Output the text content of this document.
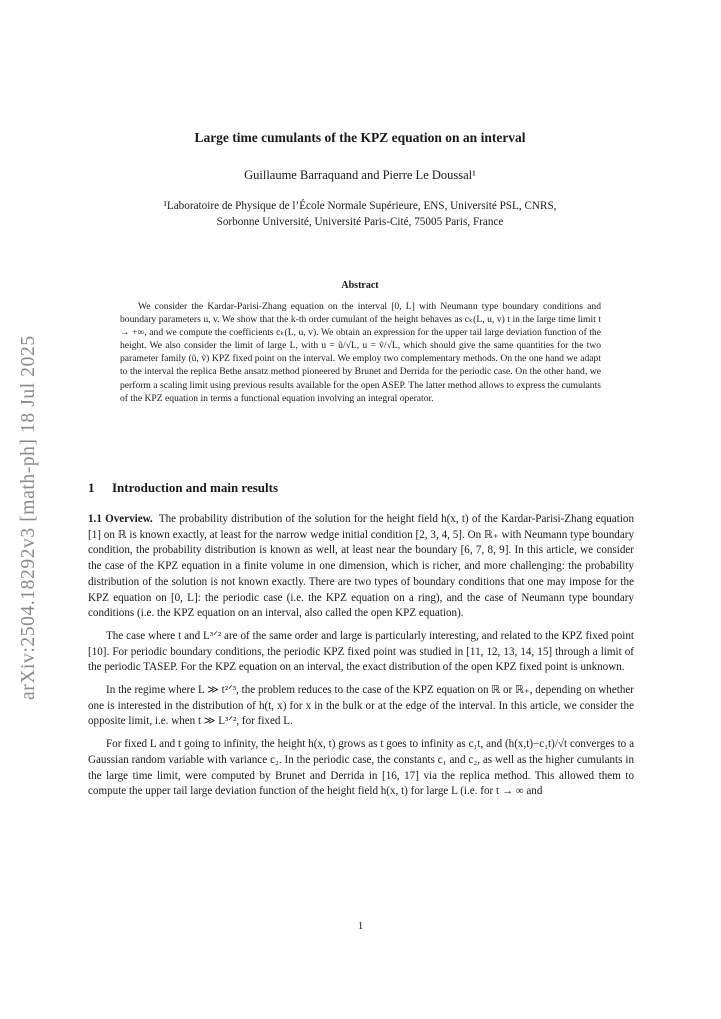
arXiv:2504.18292v3 [math-ph] 18 Jul 2025
Large time cumulants of the KPZ equation on an interval
Guillaume Barraquand and Pierre Le Doussal¹
¹Laboratoire de Physique de l’École Normale Supérieure, ENS, Université PSL, CNRS,
Sorbonne Université, Université Paris-Cité, 75005 Paris, France
Abstract
We consider the Kardar-Parisi-Zhang equation on the interval [0, L] with Neumann type boundary conditions and boundary parameters u, v. We show that the k-th order cumulant of the height behaves as cₖ(L, u, v) t in the large time limit t → +∞, and we compute the coefficients cₖ(L, u, v). We obtain an expression for the upper tail large deviation function of the height. We also consider the limit of large L, with u = ũ/√L, u = ṽ/√L, which should give the same quantities for the two parameter family (ũ, ṽ) KPZ fixed point on the interval. We employ two complementary methods. On the one hand we adapt to the interval the replica Bethe ansatz method pioneered by Brunet and Derrida for the periodic case. On the other hand, we perform a scaling limit using previous results available for the open ASEP. The latter method allows to express the cumulants of the KPZ equation in terms a functional equation involving an integral operator.
1 Introduction and main results

1.1 Overview. The probability distribution of the solution for the height field h(x, t) of the Kardar-Parisi-Zhang equation [1] on ℝ is known exactly, at least for the narrow wedge initial condition [2, 3, 4, 5]. On ℝ₊ with Neumann type boundary condition, the probability distribution is known as well, at least near the boundary [6, 7, 8, 9]. In this article, we consider the case of the KPZ equation in a finite volume in one dimension, which is richer, and more challenging: the probability distribution of the solution is not known exactly. There are two types of boundary conditions that one may impose for the KPZ equation on [0, L]: the periodic case (i.e. the KPZ equation on a ring), and the case of Neumann type boundary conditions (i.e. the KPZ equation on an interval, also called the open KPZ equation).

The case where t and L³ᐟ² are of the same order and large is particularly interesting, and related to the KPZ fixed point [10]. For periodic boundary conditions, the periodic KPZ fixed point was studied in [11, 12, 13, 14, 15] through a limit of the periodic TASEP. For the KPZ equation on an interval, the exact distribution of the open KPZ fixed point is unknown.

In the regime where L ≫ t²ᐟ³, the problem reduces to the case of the KPZ equation on ℝ or ℝ₊, depending on whether one is interested in the distribution of h(t, x) for x in the bulk or at the edge of the interval. In this article, we consider the opposite limit, i.e. when t ≫ L³ᐟ², for fixed L.

For fixed L and t going to infinity, the height h(x, t) grows as t goes to infinity as c₁t, and (h(x,t)−c₁t)/√t converges to a Gaussian random variable with variance c₂. In the periodic case, the constants c₁ and c₂, as well as the higher cumulants in the large time limit, were computed by Brunet and Derrida in [16, 17] via the replica method. This allowed them to compute the upper tail large deviation function of the height field h(x, t) for large L (i.e. for t → ∞ and

1
